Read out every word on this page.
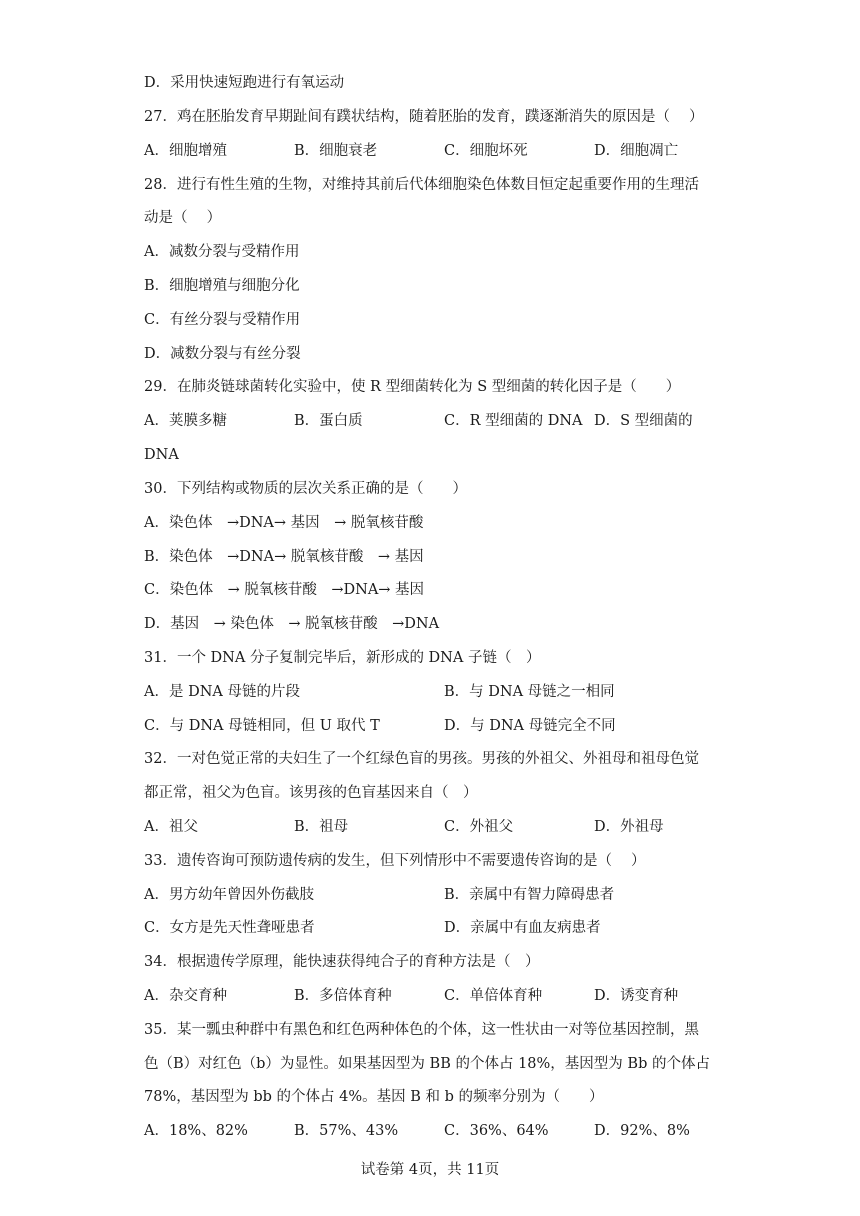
D．采用快速短跑进行有氧运动
27．鸡在胚胎发育早期趾间有蹼状结构，随着胚胎的发育，蹼逐渐消失的原因是（　 ）
A．细胞增殖	B．细胞衰老	C．细胞坏死	D．细胞凋亡
28．进行有性生殖的生物，对维持其前后代体细胞染色体数目恒定起重要作用的生理活
动是（　 ）
A．减数分裂与受精作用
B．细胞增殖与细胞分化
C．有丝分裂与受精作用
D．减数分裂与有丝分裂
29．在肺炎链球菌转化实验中，使 R 型细菌转化为 S 型细菌的转化因子是（　　）
A．荚膜多糖	B．蛋白质	C．R 型细菌的 DNA D．S 型细菌的
DNA
30．下列结构或物质的层次关系正确的是（　　）
A．染色体　→DNA→ 基因　→ 脱氧核苷酸
B．染色体　→DNA→ 脱氧核苷酸　→ 基因
C．染色体　→ 脱氧核苷酸　→DNA→ 基因
D．基因　→ 染色体　→ 脱氧核苷酸　→DNA
31．一个 DNA 分子复制完毕后，新形成的 DNA 子链（　）
A．是 DNA 母链的片段	B．与 DNA 母链之一相同
C．与 DNA 母链相同，但 U 取代 T	D．与 DNA 母链完全不同
32．一对色觉正常的夫妇生了一个红绿色盲的男孩。男孩的外祖父、外祖母和祖母色觉
都正常，祖父为色盲。该男孩的色盲基因来自（　）
A．祖父	B．祖母	C．外祖父	D．外祖母
33．遗传咨询可预防遗传病的发生，但下列情形中不需要遗传咨询的是（　 ）
A．男方幼年曾因外伤截肢	B．亲属中有智力障碍患者
C．女方是先天性聋哑患者	D．亲属中有血友病患者
34．根据遗传学原理，能快速获得纯合子的育种方法是（　）
A．杂交育种	B．多倍体育种	C．单倍体育种	D．诱变育种
35．某一瓢虫种群中有黑色和红色两种体色的个体，这一性状由一对等位基因控制，黑
色（B）对红色（b）为显性。如果基因型为 BB 的个体占 18%，基因型为 Bb 的个体占
78%，基因型为 bb 的个体占 4%。基因 B 和 b 的频率分别为（　　）
A．18%、82%	B．57%、43%	C．36%、64%	D．92%、8%
试卷第 4页，共 11页
